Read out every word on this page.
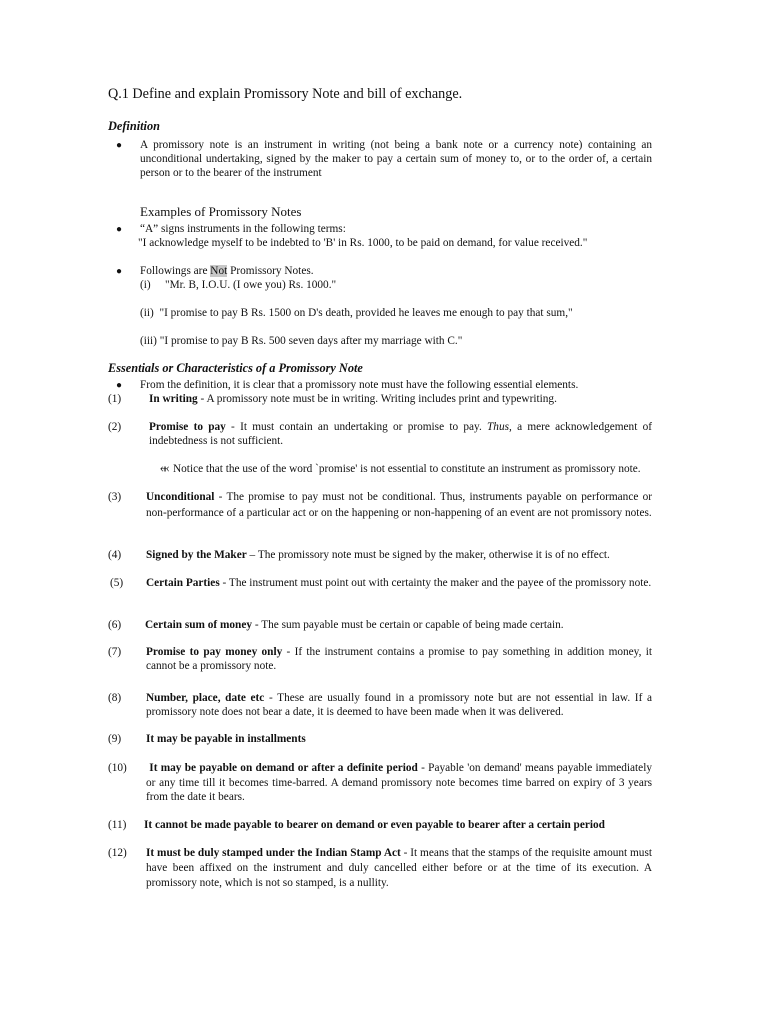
Q.1 Define and explain Promissory Note and bill of exchange.
Definition
● A promissory note is an instrument in writing (not being a bank note or a currency note) containing an unconditional undertaking, signed by the maker to pay a certain sum of money to, or to the order of, a certain person or to the bearer of the instrument
Examples of Promissory Notes
● “A” signs instruments in the following terms:
"I acknowledge myself to be indebted to 'B' in Rs. 1000, to be paid on demand, for value received."
● Followings are Not Promissory Notes.
(i) "Mr. B, I.O.U. (I owe you) Rs. 1000."
(ii) "I promise to pay B Rs. 1500 on D's death, provided he leaves me enough to pay that sum,"
(iii) "I promise to pay B Rs. 500 seven days after my marriage with C."
Essentials or Characteristics of a Promissory Note
● From the definition, it is clear that a promissory note must have the following essential elements.
(1) In writing - A promissory note must be in writing. Writing includes print and typewriting.
(2) Promise to pay - It must contain an undertaking or promise to pay. Thus, a mere acknowledgement of indebtedness is not sufficient.
⬺ Notice that the use of the word `promise' is not essential to constitute an instrument as promissory note.
(3) Unconditional - The promise to pay must not be conditional. Thus, instruments payable on performance or non-performance of a particular act or on the happening or non-happening of an event are not promissory notes.
(4) Signed by the Maker – The promissory note must be signed by the maker, otherwise it is of no effect.
(5) Certain Parties - The instrument must point out with certainty the maker and the payee of the promissory note.
(6) Certain sum of money - The sum payable must be certain or capable of being made certain.
(7) Promise to pay money only - If the instrument contains a promise to pay something in addition money, it cannot be a promissory note.
(8) Number, place, date etc - These are usually found in a promissory note but are not essential in law. If a promissory note does not bear a date, it is deemed to have been made when it was delivered.
(9) It may be payable in installments
(10) It may be payable on demand or after a definite period - Payable 'on demand' means payable immediately or any time till it becomes time-barred. A demand promissory note becomes time barred on expiry of 3 years from the date it bears.
(11) It cannot be made payable to bearer on demand or even payable to bearer after a certain period
(12) It must be duly stamped under the Indian Stamp Act - It means that the stamps of the requisite amount must have been affixed on the instrument and duly cancelled either before or at the time of its execution. A promissory note, which is not so stamped, is a nullity.
